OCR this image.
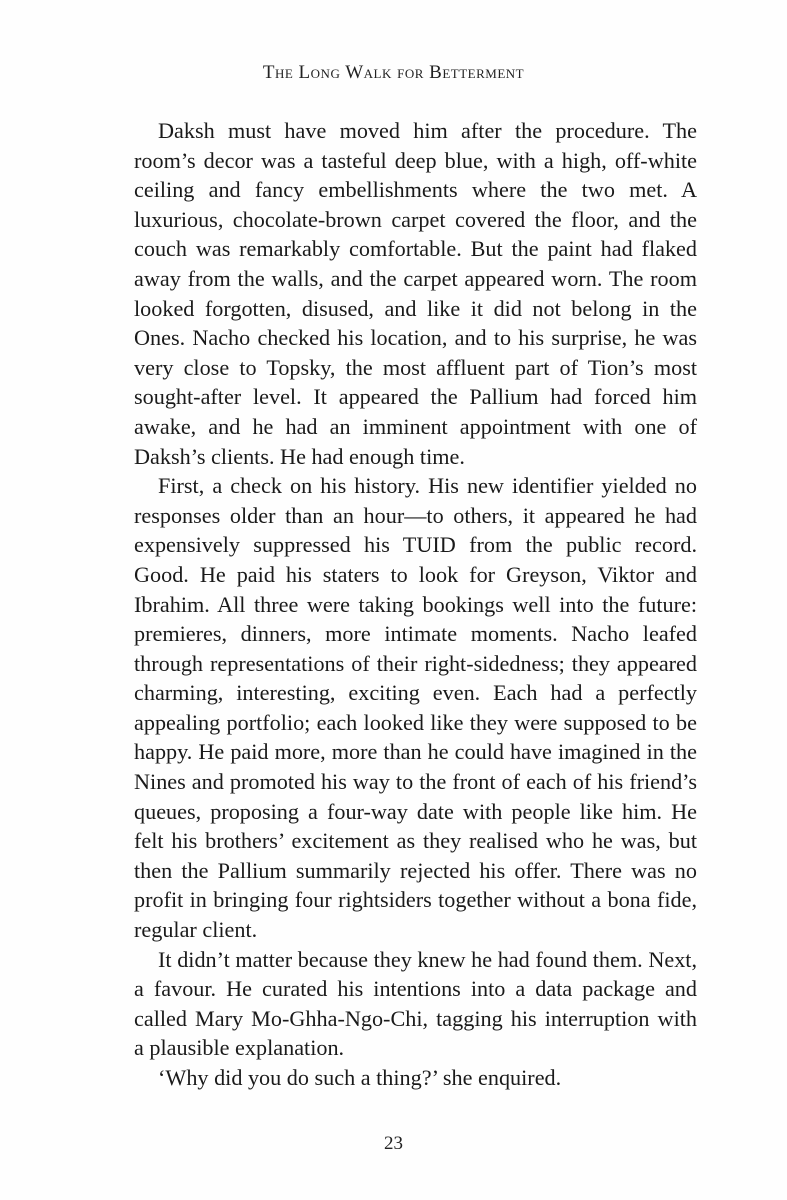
The Long Walk for Betterment

Daksh must have moved him after the procedure. The room’s decor was a tasteful deep blue, with a high, off-white ceiling and fancy embellishments where the two met. A luxurious, chocolate-brown carpet covered the floor, and the couch was remarkably comfortable. But the paint had flaked away from the walls, and the carpet appeared worn. The room looked forgotten, disused, and like it did not belong in the Ones. Nacho checked his location, and to his surprise, he was very close to Topsky, the most affluent part of Tion’s most sought-after level. It appeared the Pallium had forced him awake, and he had an imminent appointment with one of Daksh’s clients. He had enough time.

First, a check on his history. His new identifier yielded no responses older than an hour—to others, it appeared he had expensively suppressed his TUID from the public record. Good. He paid his staters to look for Greyson, Viktor and Ibrahim. All three were taking bookings well into the future: premieres, dinners, more intimate moments. Nacho leafed through representations of their right-sidedness; they appeared charming, interesting, exciting even. Each had a perfectly appealing portfolio; each looked like they were supposed to be happy. He paid more, more than he could have imagined in the Nines and promoted his way to the front of each of his friend’s queues, proposing a four-way date with people like him. He felt his brothers’ excitement as they realised who he was, but then the Pallium summarily rejected his offer. There was no profit in bringing four rightsiders together without a bona fide, regular client.

It didn’t matter because they knew he had found them. Next, a favour. He curated his intentions into a data package and called Mary Mo-Ghha-Ngo-Chi, tagging his interruption with a plausible explanation.

‘Why did you do such a thing?’ she enquired.

23
